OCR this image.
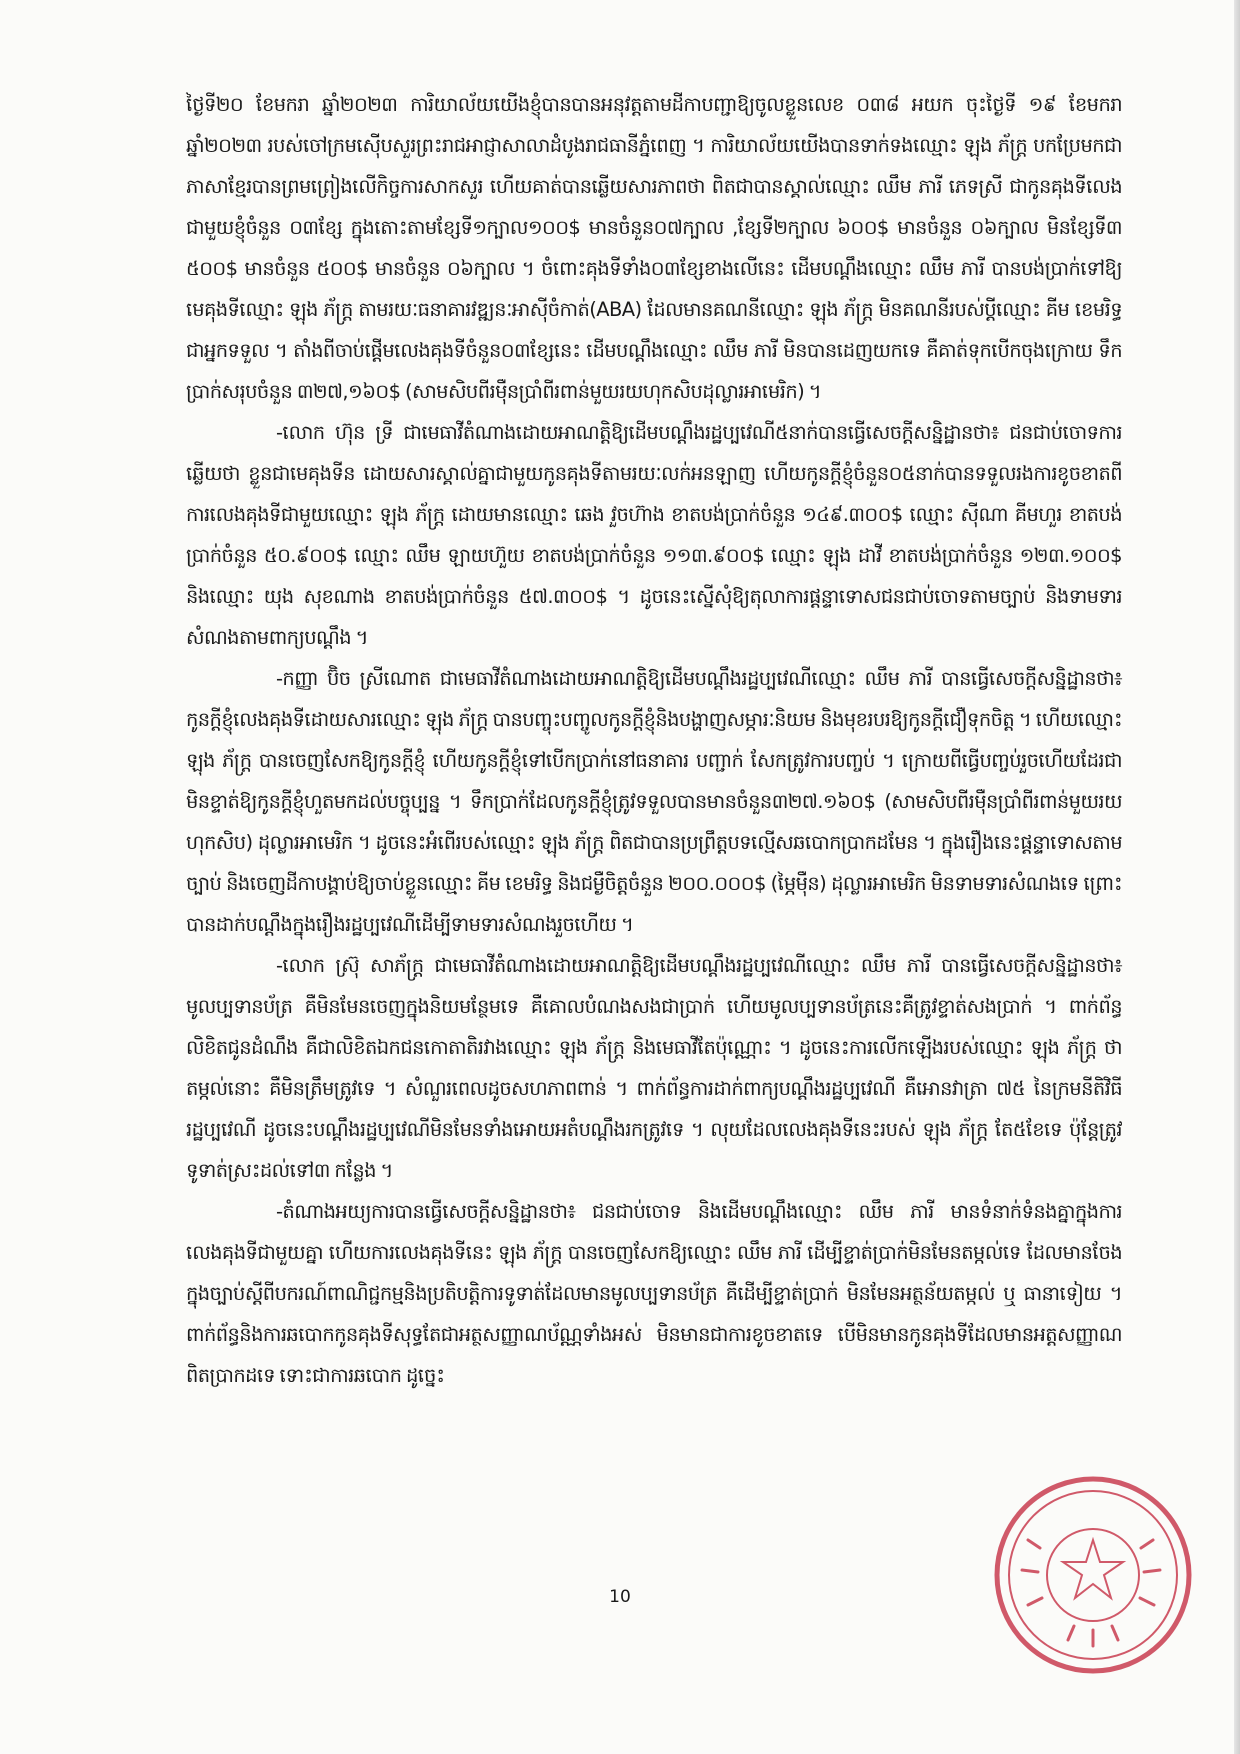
ថ្ងៃទី២០ ខែមករា ឆ្នាំ២០២៣ ការិយាល័យយើងខ្ញុំបានបានអនុវត្តតាមដីកាបញ្ជាឱ្យចូលខ្លួនលេខ ០៣៨ អយក ចុះថ្ងៃទី ១៩ ខែមករា ឆ្នាំ២០២៣ របស់ចៅក្រមស៊ើបសួរព្រះរាជអាជ្ញាសាលាដំបូងរាជធានីភ្នំពេញ ។ ការិយាល័យយើងបានទាក់ទងឈ្មោះ ឡុង ភ័ក្រ្ត បកប្រែមកជាភាសាខ្មែរបានព្រមព្រៀងលើកិច្ចការសាកសួរ ហើយគាត់បានឆ្លើយសារភាពថា ពិតជាបានស្គាល់ឈ្មោះ ឈឹម ភារី ភេទស្រី ជាកូនគុងទីលេងជាមួយខ្ញុំចំនួន ០៣ខ្សែ ក្នុងតោះតាមខ្សែទី១ក្បាល១០០$ មានចំនួន០៧ក្បាល ,ខ្សែទី២ក្បាល ៦០០$ មានចំនួន ០៦ក្បាល មិនខ្សែទី៣ ៥០០$ មានចំនួន ៥០០$ មានចំនួន ០៦ក្បាល ។ ចំពោះគុងទីទាំង០៣ខ្សែខាងលើនេះ ដើមបណ្ដឹងឈ្មោះ ឈឹម ភារី បានបង់ប្រាក់ទៅឱ្យមេគុងទីឈ្មោះ ឡុង ភ័ក្រ្ត តាមរយៈធនាគារវឌ្ឍនៈអាស៊ីចំកាត់(ABA) ដែលមានគណនីឈ្មោះ ឡុង ភ័ក្រ្ត មិនគណនីរបស់ប្ដីឈ្មោះ គីម ខេមរិទ្ធ ជាអ្នកទទួល ។ តាំងពីចាប់ផ្ដើមលេងគុងទីចំនួន០៣ខ្សែនេះ ដើមបណ្ដឹងឈ្មោះ ឈឹម ភារី មិនបានដេញយកទេ គឺគាត់ទុកបើកចុងក្រោយ ទឹកប្រាក់សរុបចំនួន ៣២៧,១៦០$ (សាមសិបពីរម៉ឺនប្រាំពីរពាន់មួយរយហុកសិបដុល្លារអាមេរិក) ។

-លោក ហ៊ុន ទ្រី ជាមេធាវីតំណាងដោយអាណត្តិឱ្យដើមបណ្ដឹងរដ្ឋប្បវេណី៥នាក់បានធ្វើសេចក្ដីសន្និដ្ឋានថា៖ ជនជាប់ចោទការឆ្លើយថា ខ្លួនជាមេគុងទីន ដោយសារស្គាល់គ្នាជាមួយកូនគុងទីតាមរយៈលក់អនឡាញ ហើយកូនក្ដីខ្ញុំចំនួន០៥នាក់បានទទួលរងការខូចខាតពីការលេងគុងទីជាមួយឈ្មោះ ឡុង ភ័ក្រ្ត ដោយមានឈ្មោះ ឆេង វួចហ៊ាង ខាតបង់ប្រាក់ចំនួន ១៤៩.៣០០$ ឈ្មោះ ស៊ីណា គីមហួរ ខាតបង់ប្រាក់ចំនួន ៥០.៩០០$ ឈ្មោះ ឈឹម ឡាយហ៊ួយ ខាតបង់ប្រាក់ចំនួន ១១៣.៩០០$ ឈ្មោះ ឡុង ដាវី ខាតបង់ប្រាក់ចំនួន ១២៣.១០០$ និងឈ្មោះ យុង សុខណាង ខាតបង់ប្រាក់ចំនួន ៥៧.៣០០$ ។ ដូចនេះស្នើសុំឱ្យតុលាការផ្ដន្ទាទោសជនជាប់ចោទតាមច្បាប់ និងទាមទារសំណងតាមពាក្យបណ្ដឹង ។

-កញ្ញា ប៊ិច ស្រីណោត ជាមេធាវីតំណាងដោយអាណត្តិឱ្យដើមបណ្ដឹងរដ្ឋប្បវេណីឈ្មោះ ឈឹម ភារី បានធ្វើសេចក្ដីសន្និដ្ឋានថា៖ កូនក្ដីខ្ញុំលេងគុងទីដោយសារឈ្មោះ ឡុង ភ័ក្រ្ត បានបញ្ចុះបញ្ចូលកូនក្ដីខ្ញុំនិងបង្ហាញសម្ភារៈនិយម និងមុខរបរឱ្យកូនក្ដីជឿទុកចិត្ត ។ ហើយឈ្មោះ ឡុង ភ័ក្រ្ត បានចេញសែកឱ្យកូនក្ដីខ្ញុំ ហើយកូនក្ដីខ្ញុំទៅបើកប្រាក់នៅធនាគារ បញ្ជាក់ សែកត្រូវការបញ្ចប់ ។ ក្រោយពីធ្វើបញ្ចប់រួចហើយដែរជាមិនខ្ទាត់ឱ្យកូនក្ដីខ្ញុំហួតមកដល់បច្ចុប្បន្ន ។ ទឹកប្រាក់ដែលកូនក្ដីខ្ញុំត្រូវទទួលបានមានចំនួន៣២៧.១៦០$ (សាមសិបពីរម៉ឺនប្រាំពីរពាន់មួយរយហុកសិប) ដុល្លារអាមេរិក ។ ដូចនេះអំពើរបស់ឈ្មោះ ឡុង ភ័ក្រ្ត ពិតជាបានប្រព្រឹត្តបទល្មើសឆបោកប្រាកដមែន ។ ក្នុងរឿងនេះផ្ដន្ទាទោសតាមច្បាប់ និងចេញដីកាបង្គាប់ឱ្យចាប់ខ្លួនឈ្មោះ គីម ខេមរិទ្ធ និងជម្ងឺចិត្តចំនួន ២០០.០០០$ (ម្ភៃម៉ឺន) ដុល្លារអាមេរិក មិនទាមទារសំណងទេ ព្រោះបានដាក់បណ្ដឹងក្នុងរឿងរដ្ឋប្បវេណីដើម្បីទាមទារសំណងរួចហើយ ។

-លោក ស្រ៊ុ សាភ័ក្រ្ត ជាមេធាវីតំណាងដោយអាណត្តិឱ្យដើមបណ្ដឹងរដ្ឋប្បវេណីឈ្មោះ ឈឹម ភារី បានធ្វើសេចក្ដីសន្និដ្ឋានថា៖ មូលប្បទានប័ត្រ គឺមិនមែនចេញក្នុងនិយមន្ថែមទេ គឺគោលបំណងសងជាប្រាក់ ហើយមូលប្បទានប័ត្រនេះគឺត្រូវខ្ទាត់សងប្រាក់ ។ ពាក់ព័ន្ធលិខិតជូនដំណឹង គឺជាលិខិតឯកជនកោតាតិរវាងឈ្មោះ ឡុង ភ័ក្រ្ត និងមេធាវីតែប៉ុណ្ណោះ ។ ដូចនេះការលើកឡើងរបស់ឈ្មោះ ឡុង ភ័ក្រ្ត ថាតម្កល់នោះ គឺមិនត្រឹមត្រូវទេ ។ សំណួរពេលដូចសហភាពពាន់ ។ ពាក់ព័ន្ធការដាក់ពាក្យបណ្ដឹងរដ្ឋប្បវេណី គឺអោនវាត្រា ៧៥ នៃក្រមនីតិវិធីរដ្ឋប្បវេណី ដូចនេះបណ្ដឹងរដ្ឋប្បវេណីមិនមែនទាំងអោយអតំបណ្ដឹងរកត្រូវទេ ។ លុយដែលលេងគុងទីនេះរបស់ ឡុង ភ័ក្រ្ត តែ៥ខែទេ ប៉ុន្តែត្រូវទូទាត់ស្រះដល់ទៅ៣ កន្លែង ។

-តំណាងអយ្យការបានធ្វើសេចក្ដីសន្និដ្ឋានថា៖ ជនជាប់ចោទ និងដើមបណ្ដឹងឈ្មោះ ឈឹម ភារី មានទំនាក់ទំនងគ្នាក្នុងការលេងគុងទីជាមួយគ្នា ហើយការលេងគុងទីនេះ ឡុង ភ័ក្រ្ត បានចេញសែកឱ្យឈ្មោះ ឈឹម ភារី ដើម្បីខ្ទាត់ប្រាក់មិនមែនតម្កល់ទេ ដែលមានចែងក្នុងច្បាប់ស្ដីពីបករណ៍ពាណិជ្ជកម្មនិងប្រតិបត្តិការទូទាត់ដែលមានមូលប្បទានប័ត្រ គឺដើម្បីខ្ទាត់ប្រាក់ មិនមែនអត្ថន័យតម្កល់ ឬ ធានាទៀយ ។ ពាក់ព័ន្ធនិងការឆបោកកូនគុងទីសុទ្ធតែជាអត្ថសញ្ញាណប័ណ្ណទាំងអស់ មិនមានជាការខូចខាតទេ បើមិនមានកូនគុងទីដែលមានអត្តសញ្ញាណពិតប្រាកដទេ ទោះជាការឆបោក ដូច្នេះ

10
